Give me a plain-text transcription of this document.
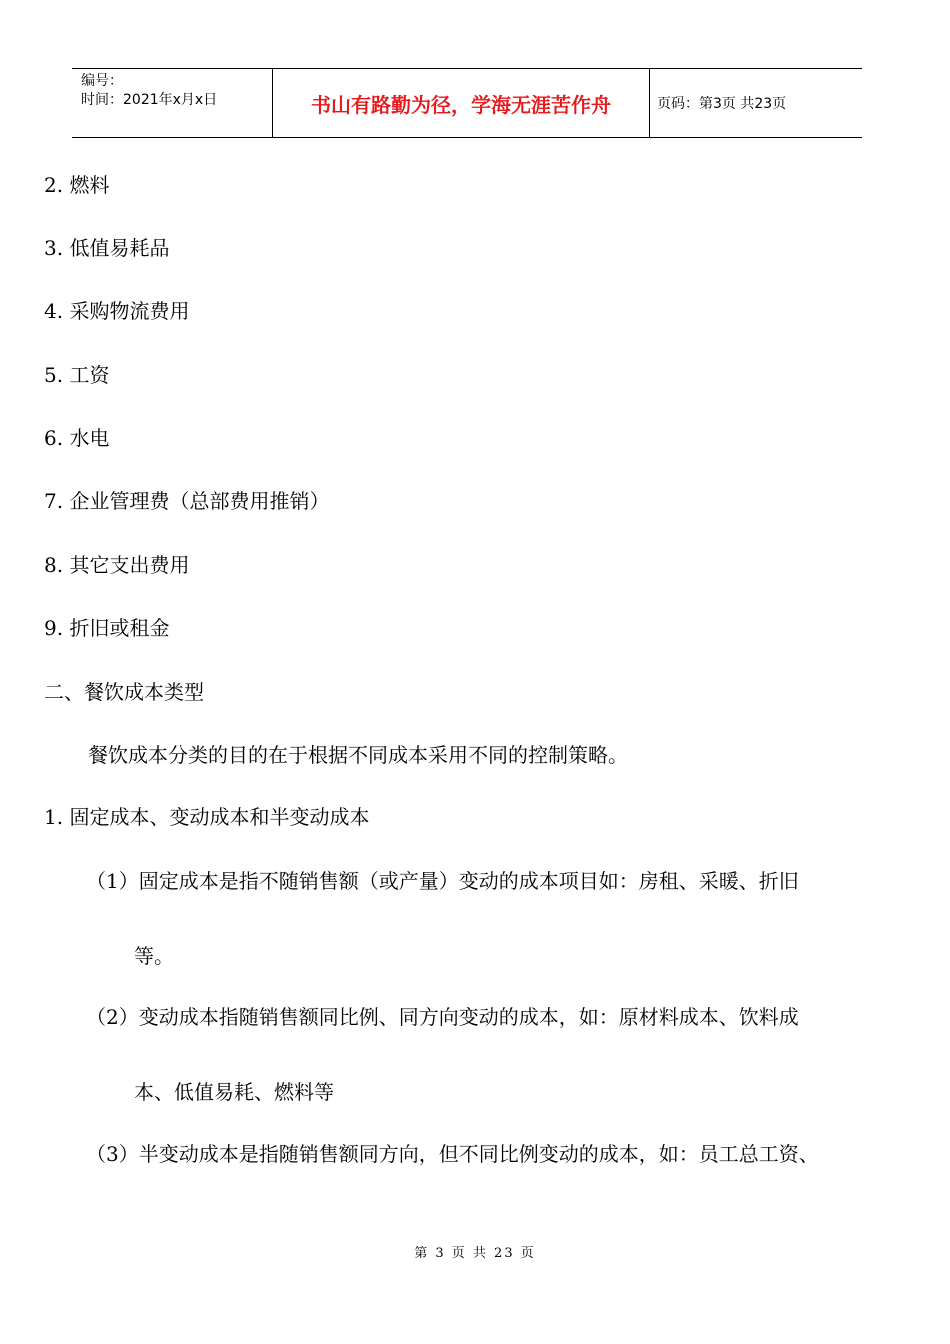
编号：
时间：2021年x月x日	书山有路勤为径，学海无涯苦作舟	页码：第3页 共23页
2. 燃料
3. 低值易耗品
4. 采购物流费用
5. 工资
6. 水电
7. 企业管理费（总部费用推销）
8. 其它支出费用
9. 折旧或租金
二、餐饮成本类型
餐饮成本分类的目的在于根据不同成本采用不同的控制策略。
1. 固定成本、变动成本和半变动成本
（1）固定成本是指不随销售额（或产量）变动的成本项目如：房租、采暖、折旧
等。
（2）变动成本指随销售额同比例、同方向变动的成本，如：原材料成本、饮料成
本、低值易耗、燃料等
（3）半变动成本是指随销售额同方向，但不同比例变动的成本，如：员工总工资、
第 3 页 共 23 页
